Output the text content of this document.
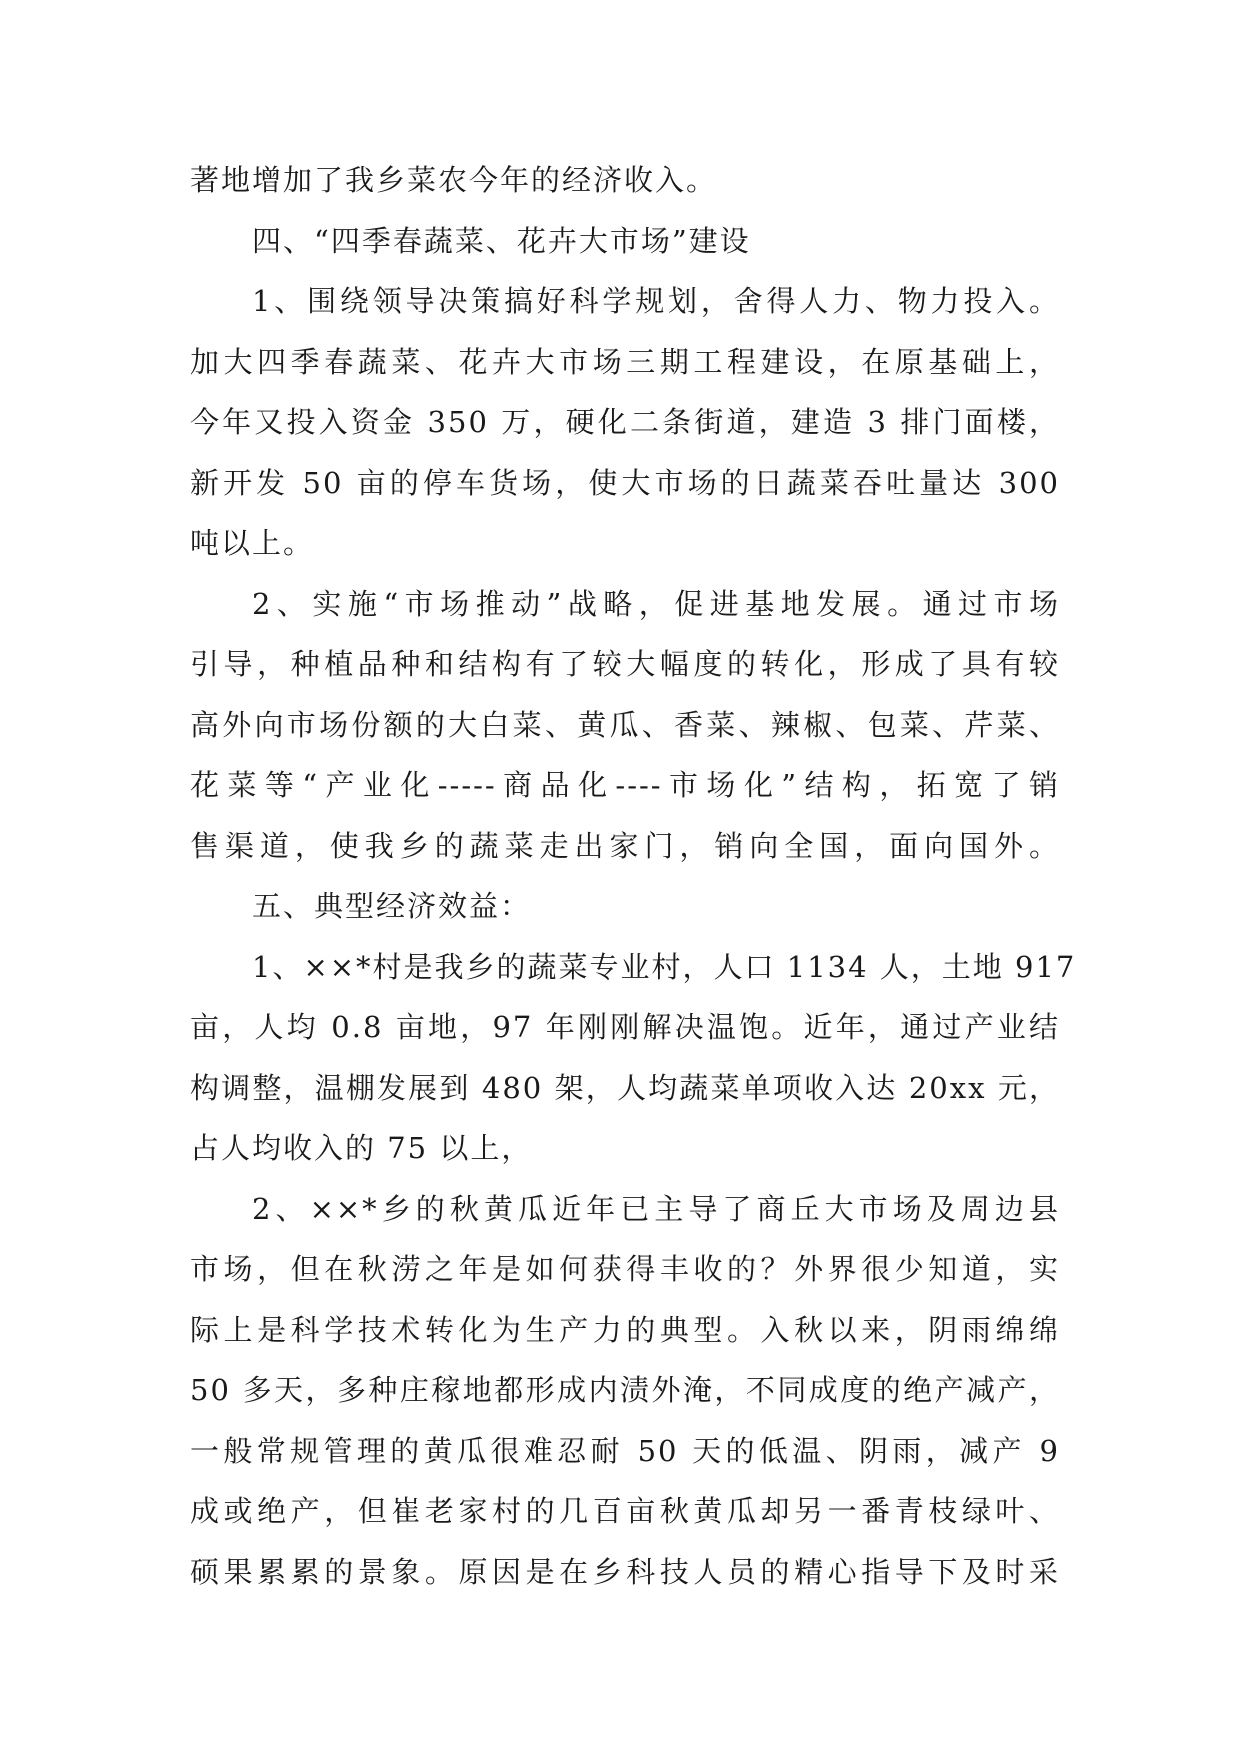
著地增加了我乡菜农今年的经济收入。
四、“四季春蔬菜、花卉大市场”建设
1、围绕领导决策搞好科学规划，舍得人力、物力投入。
加大四季春蔬菜、花卉大市场三期工程建设，在原基础上，
今年又投入资金 350 万，硬化二条街道，建造 3 排门面楼，
新开发 50 亩的停车货场，使大市场的日蔬菜吞吐量达 300
吨以上。
2、实施“市场推动”战略，促进基地发展。通过市场
引导，种植品种和结构有了较大幅度的转化，形成了具有较
高外向市场份额的大白菜、黄瓜、香菜、辣椒、包菜、芹菜、
花菜等“产业化-----商品化----市场化”结构，拓宽了销
售渠道，使我乡的蔬菜走出家门，销向全国，面向国外。
五、典型经济效益：
1、××*村是我乡的蔬菜专业村，人口 1134 人，土地 917
亩，人均 0.8 亩地，97 年刚刚解决温饱。近年，通过产业结
构调整，温棚发展到 480 架，人均蔬菜单项收入达 20xx 元，
占人均收入的 75 以上，
2、××*乡的秋黄瓜近年已主导了商丘大市场及周边县
市场，但在秋涝之年是如何获得丰收的？外界很少知道，实
际上是科学技术转化为生产力的典型。入秋以来，阴雨绵绵
50 多天，多种庄稼地都形成内渍外淹，不同成度的绝产减产，
一般常规管理的黄瓜很难忍耐 50 天的低温、阴雨，减产 9
成或绝产，但崔老家村的几百亩秋黄瓜却另一番青枝绿叶、
硕果累累的景象。原因是在乡科技人员的精心指导下及时采
